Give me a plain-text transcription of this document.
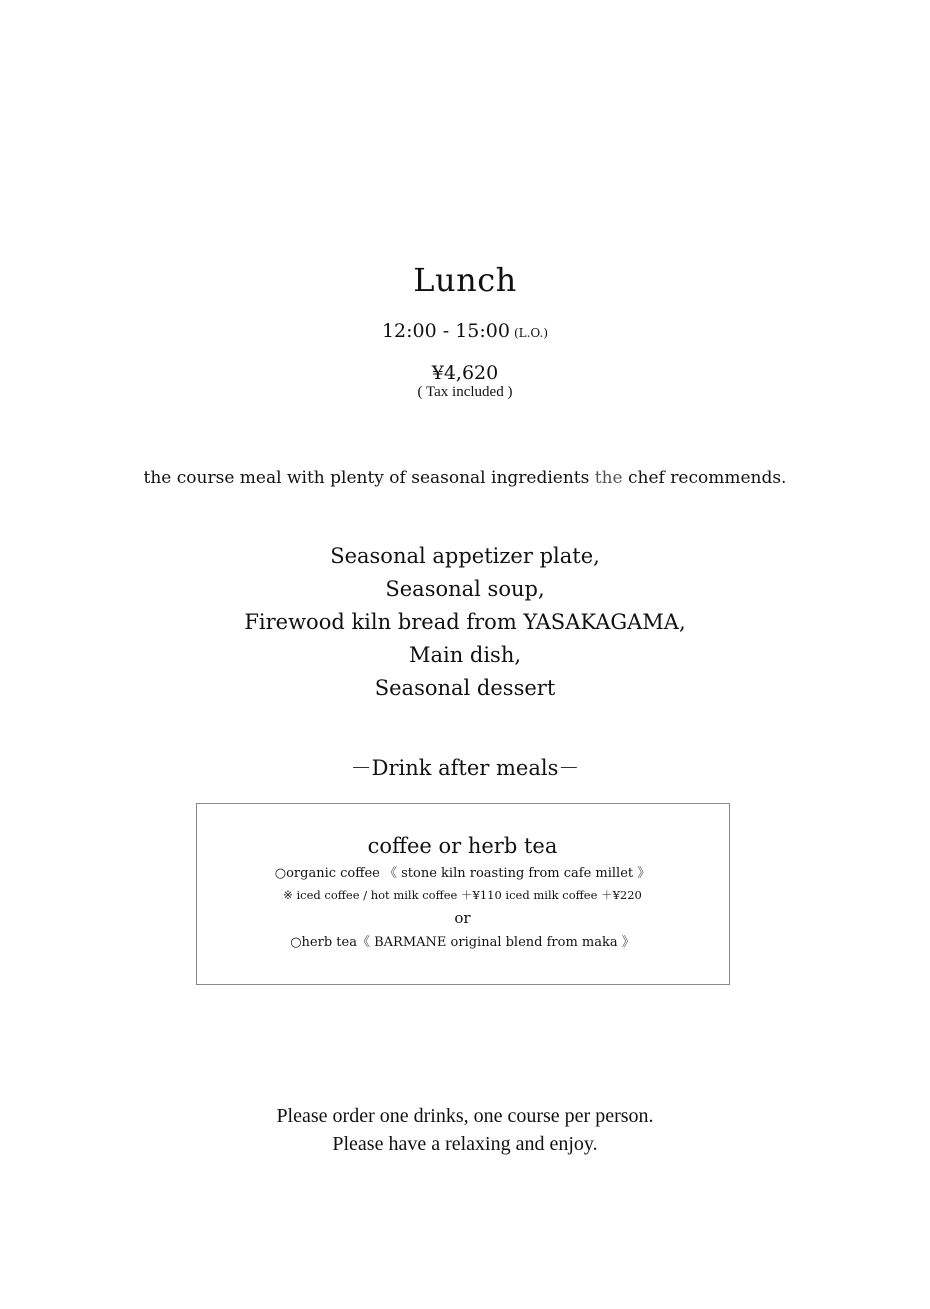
Lunch
12:00 - 15:00 (L.O.)
¥4,620
( Tax included )
the course meal with plenty of seasonal ingredients the chef recommends.
Seasonal appetizer plate,
Seasonal soup,
Firewood kiln bread from YASAKAGAMA,
Main dish,
Seasonal dessert
－Drink after meals－
coffee or herb tea
○organic coffee 《 stone kiln roasting from cafe millet 》
※ iced coffee / hot milk coffee ＋¥110 iced milk coffee ＋¥220
or
○herb tea《 BARMANE original blend from maka 》
Please order one drinks, one course per person.
Please have a relaxing and enjoy.
